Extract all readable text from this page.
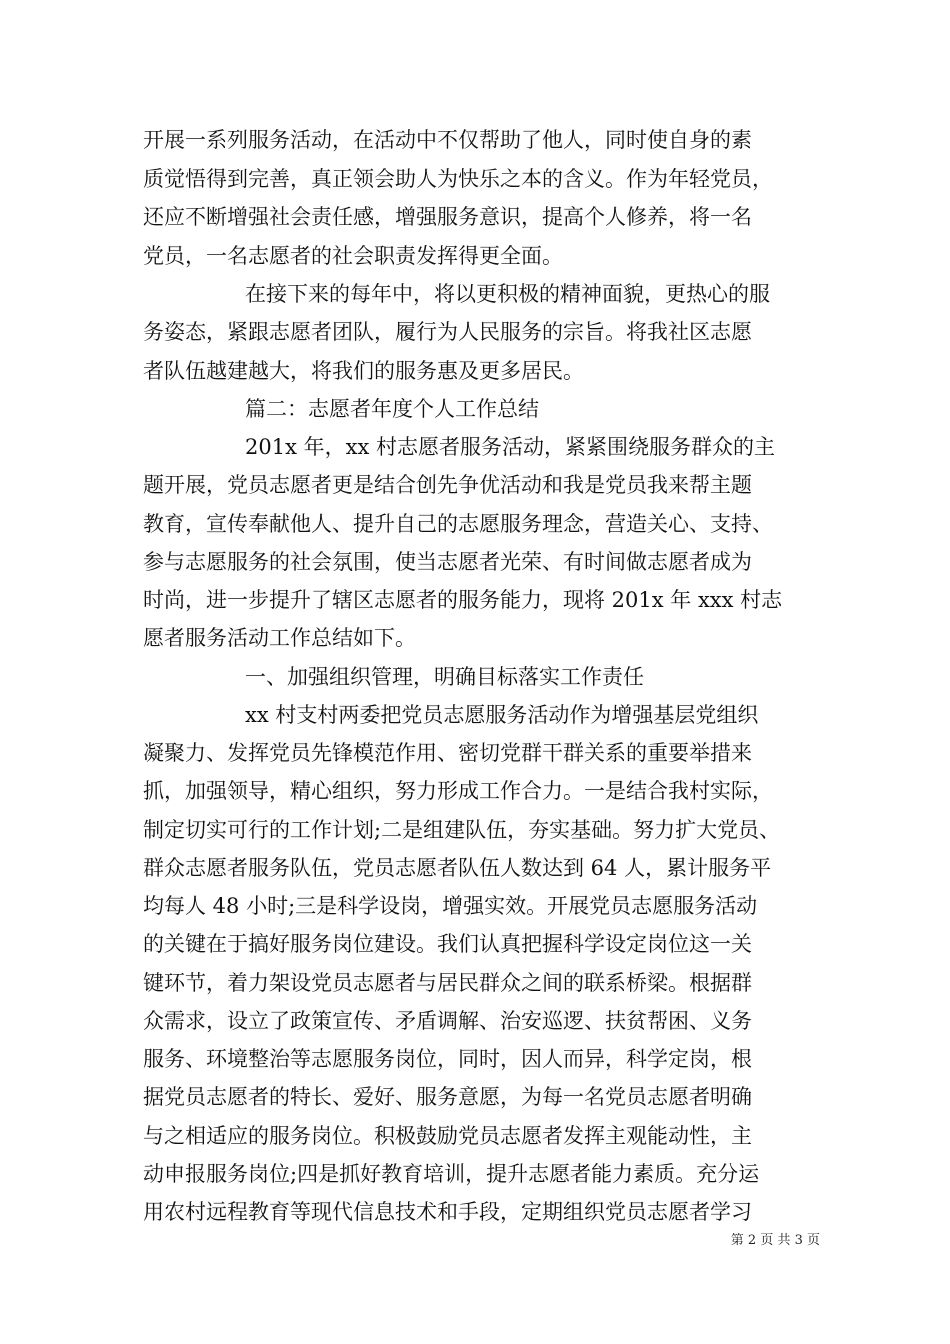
开展一系列服务活动，在活动中不仅帮助了他人，同时使自身的素
质觉悟得到完善，真正领会助人为快乐之本的含义。作为年轻党员，
还应不断增强社会责任感，增强服务意识，提高个人修养，将一名
党员，一名志愿者的社会职责发挥得更全面。
在接下来的每年中，将以更积极的精神面貌，更热心的服
务姿态，紧跟志愿者团队，履行为人民服务的宗旨。将我社区志愿
者队伍越建越大，将我们的服务惠及更多居民。
篇二：志愿者年度个人工作总结
201x 年，xx 村志愿者服务活动，紧紧围绕服务群众的主
题开展，党员志愿者更是结合创先争优活动和我是党员我来帮主题
教育，宣传奉献他人、提升自己的志愿服务理念，营造关心、支持、
参与志愿服务的社会氛围，使当志愿者光荣、有时间做志愿者成为
时尚，进一步提升了辖区志愿者的服务能力，现将 201x 年 xxx 村志
愿者服务活动工作总结如下。
一、加强组织管理，明确目标落实工作责任
xx 村支村两委把党员志愿服务活动作为增强基层党组织
凝聚力、发挥党员先锋模范作用、密切党群干群关系的重要举措来
抓，加强领导，精心组织，努力形成工作合力。一是结合我村实际，
制定切实可行的工作计划;二是组建队伍，夯实基础。努力扩大党员、
群众志愿者服务队伍，党员志愿者队伍人数达到 64 人，累计服务平
均每人 48 小时;三是科学设岗，增强实效。开展党员志愿服务活动
的关键在于搞好服务岗位建设。我们认真把握科学设定岗位这一关
键环节，着力架设党员志愿者与居民群众之间的联系桥梁。根据群
众需求，设立了政策宣传、矛盾调解、治安巡逻、扶贫帮困、义务
服务、环境整治等志愿服务岗位，同时，因人而异，科学定岗，根
据党员志愿者的特长、爱好、服务意愿，为每一名党员志愿者明确
与之相适应的服务岗位。积极鼓励党员志愿者发挥主观能动性，主
动申报服务岗位;四是抓好教育培训，提升志愿者能力素质。充分运
用农村远程教育等现代信息技术和手段，定期组织党员志愿者学习
第 2 页 共 3 页
